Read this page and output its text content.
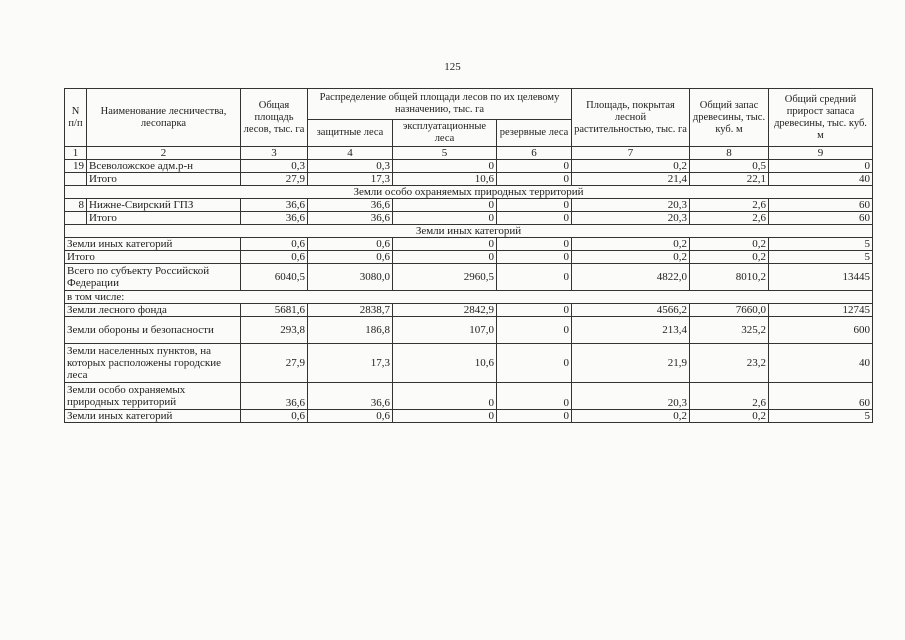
125
N п/п	Наименование лесничества, лесопарка	Общая площадь лесов, тыс. га	Распределение общей площади лесов по их целевому назначению, тыс. га			Площадь, покрытая лесной растительностью, тыс. га	Общий запас древесины, тыс. куб. м	Общий средний прирост запаса древесины, тыс. куб. м
			защитные леса	эксплуатационные леса	резервные леса			
1	2	3	4	5	6	7	8	9
19	Всеволожское адм.р-н	0,3	0,3	0	0	0,2	0,5	0
	Итого	27,9	17,3	10,6	0	21,4	22,1	40
Земли особо охраняемых природных территорий								
8	Нижне-Свирский ГПЗ	36,6	36,6	0	0	20,3	2,6	60
	Итого	36,6	36,6	0	0	20,3	2,6	60
Земли иных категорий								
Земли иных категорий		0,6	0,6	0	0	0,2	0,2	5
Итого		0,6	0,6	0	0	0,2	0,2	5
Всего по субъекту Российской Федерации		6040,5	3080,0	2960,5	0	4822,0	8010,2	13445
в том числе:								
Земли лесного фонда		5681,6	2838,7	2842,9	0	4566,2	7660,0	12745
Земли обороны и безопасности		293,8	186,8	107,0	0	213,4	325,2	600
Земли населенных пунктов, на которых расположены городские леса		27,9	17,3	10,6	0	21,9	23,2	40
Земли особо охраняемых природных территорий		36,6	36,6	0	0	20,3	2,6	60
Земли иных категорий		0,6	0,6	0	0	0,2	0,2	5
